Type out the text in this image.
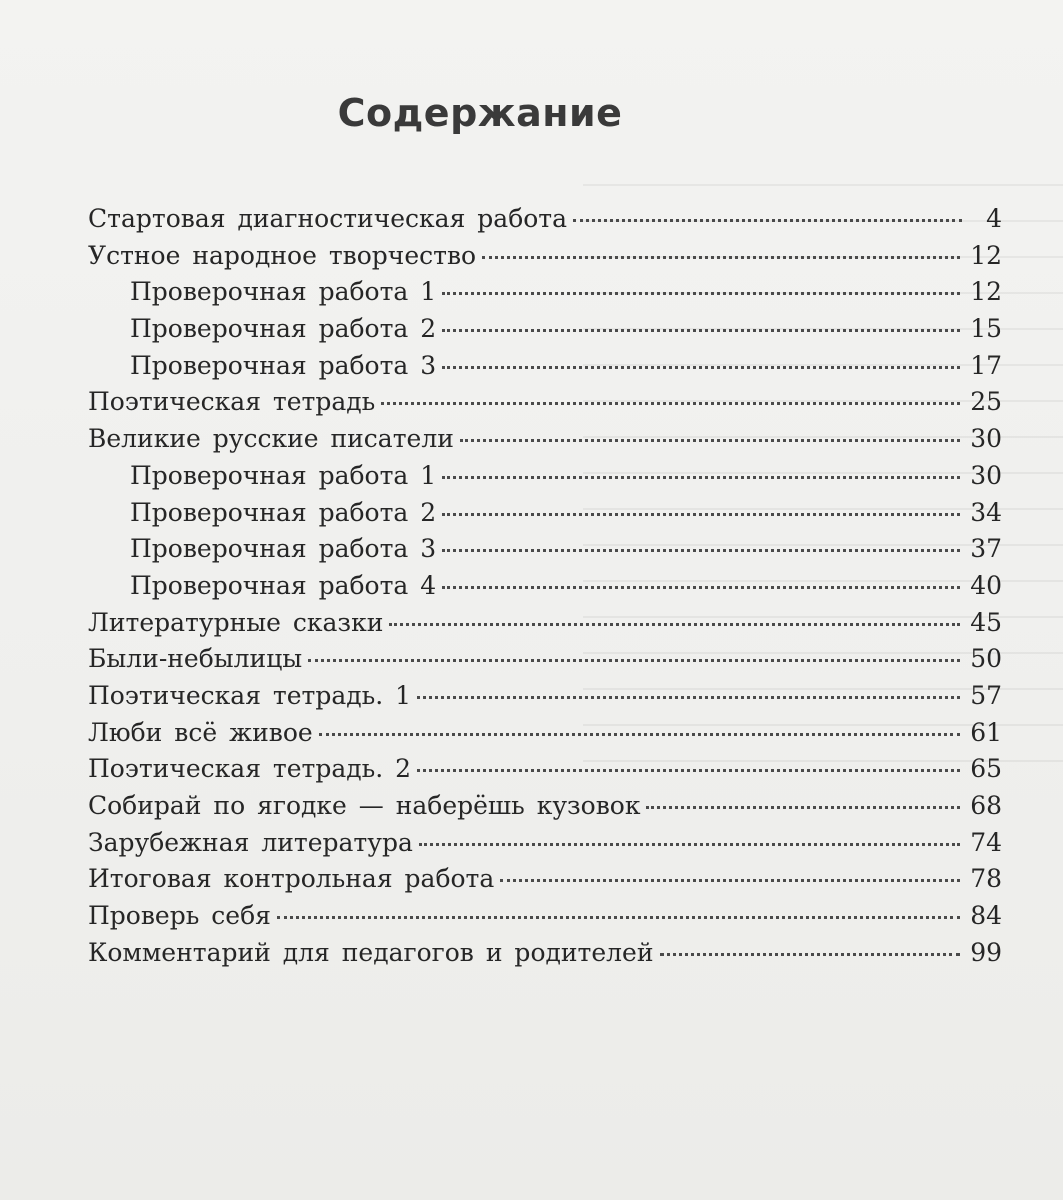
Содержание
Стартовая диагностическая работа	4
Устное народное творчество	12
Проверочная работа 1	12
Проверочная работа 2	15
Проверочная работа 3	17
Поэтическая тетрадь	25
Великие русские писатели	30
Проверочная работа 1	30
Проверочная работа 2	34
Проверочная работа 3	37
Проверочная работа 4	40
Литературные сказки	45
Были-небылицы	50
Поэтическая тетрадь. 1	57
Люби всё живое	61
Поэтическая тетрадь. 2	65
Собирай по ягодке — наберёшь кузовок	68
Зарубежная литература	74
Итоговая контрольная работа	78
Проверь себя	84
Комментарий для педагогов и родителей	99
